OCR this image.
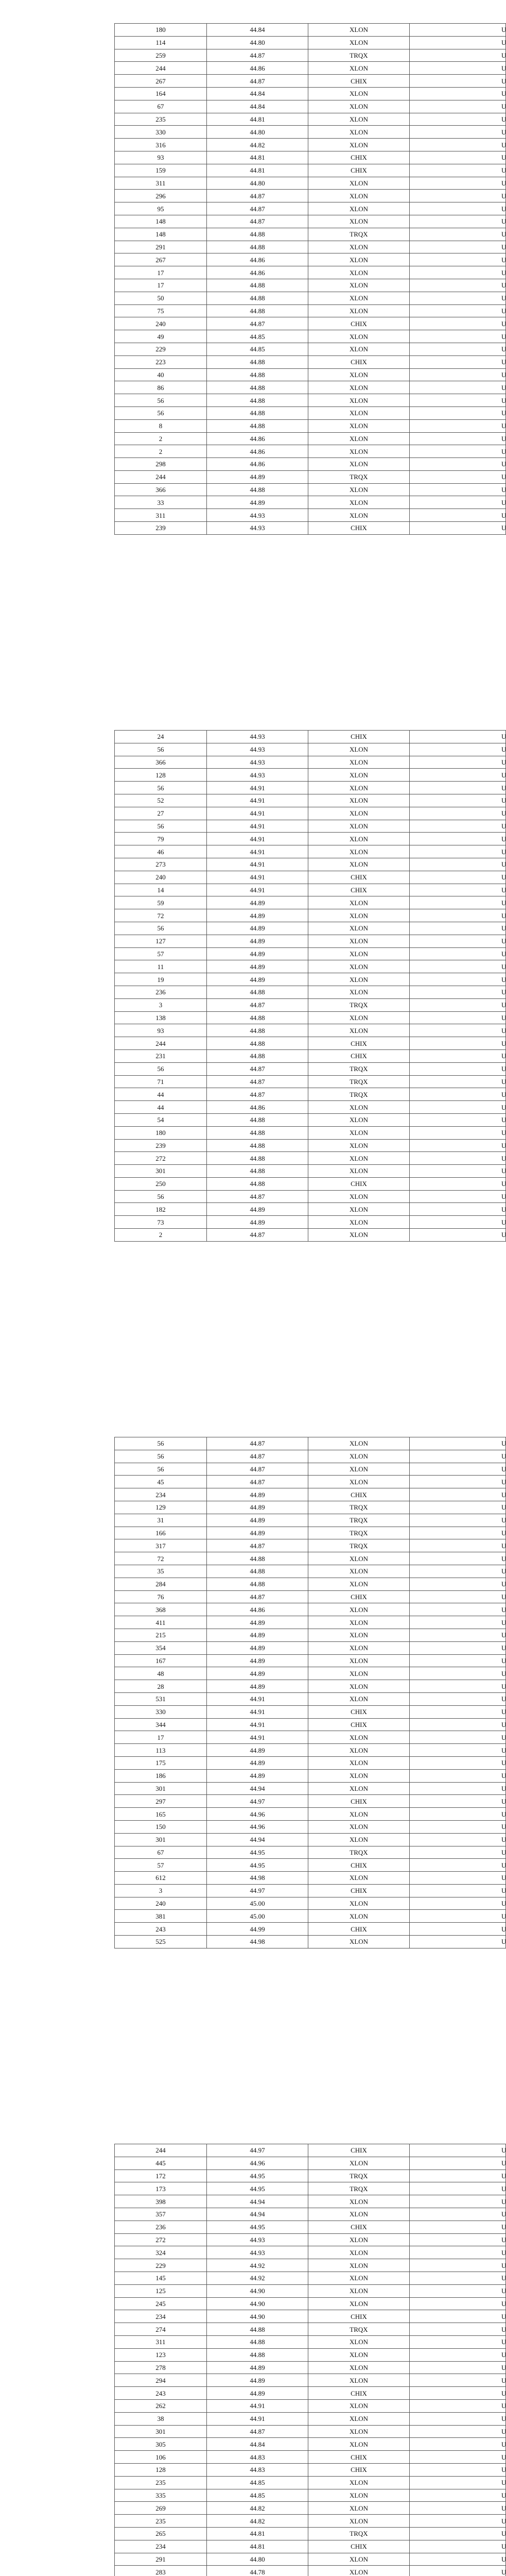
180	44.84	XLON	U
114	44.80	XLON	U
259	44.87	TRQX	U
244	44.86	XLON	U
267	44.87	CHIX	U
164	44.84	XLON	U
67	44.84	XLON	U
235	44.81	XLON	U
330	44.80	XLON	U
316	44.82	XLON	U
93	44.81	CHIX	U
159	44.81	CHIX	U
311	44.80	XLON	U
296	44.87	XLON	U
95	44.87	XLON	U
148	44.87	XLON	U
148	44.88	TRQX	U
291	44.88	XLON	U
267	44.86	XLON	U
17	44.86	XLON	U
17	44.88	XLON	U
50	44.88	XLON	U
75	44.88	XLON	U
240	44.87	CHIX	U
49	44.85	XLON	U
229	44.85	XLON	U
223	44.88	CHIX	U
40	44.88	XLON	U
86	44.88	XLON	U
56	44.88	XLON	U
56	44.88	XLON	U
8	44.88	XLON	U
2	44.86	XLON	U
2	44.86	XLON	U
298	44.86	XLON	U
244	44.89	TRQX	U
366	44.88	XLON	U
33	44.89	XLON	U
311	44.93	XLON	U
239	44.93	CHIX	U
24	44.93	CHIX	U
56	44.93	XLON	U
366	44.93	XLON	U
128	44.93	XLON	U
56	44.91	XLON	U
52	44.91	XLON	U
27	44.91	XLON	U
56	44.91	XLON	U
79	44.91	XLON	U
46	44.91	XLON	U
273	44.91	XLON	U
240	44.91	CHIX	U
14	44.91	CHIX	U
59	44.89	XLON	U
72	44.89	XLON	U
56	44.89	XLON	U
127	44.89	XLON	U
57	44.89	XLON	U
11	44.89	XLON	U
19	44.89	XLON	U
236	44.88	XLON	U
3	44.87	TRQX	U
138	44.88	XLON	U
93	44.88	XLON	U
244	44.88	CHIX	U
231	44.88	CHIX	U
56	44.87	TRQX	U
71	44.87	TRQX	U
44	44.87	TRQX	U
44	44.86	XLON	U
54	44.88	XLON	U
180	44.88	XLON	U
239	44.88	XLON	U
272	44.88	XLON	U
301	44.88	XLON	U
250	44.88	CHIX	U
56	44.87	XLON	U
182	44.89	XLON	U
73	44.89	XLON	U
2	44.87	XLON	U
56	44.87	XLON	U
56	44.87	XLON	U
56	44.87	XLON	U
45	44.87	XLON	U
234	44.89	CHIX	U
129	44.89	TRQX	U
31	44.89	TRQX	U
166	44.89	TRQX	U
317	44.87	TRQX	U
72	44.88	XLON	U
35	44.88	XLON	U
284	44.88	XLON	U
76	44.87	CHIX	U
368	44.86	XLON	U
411	44.89	XLON	U
215	44.89	XLON	U
354	44.89	XLON	U
167	44.89	XLON	U
48	44.89	XLON	U
28	44.89	XLON	U
531	44.91	XLON	U
330	44.91	CHIX	U
344	44.91	CHIX	U
17	44.91	XLON	U
113	44.89	XLON	U
175	44.89	XLON	U
186	44.89	XLON	U
301	44.94	XLON	U
297	44.97	CHIX	U
165	44.96	XLON	U
150	44.96	XLON	U
301	44.94	XLON	U
67	44.95	TRQX	U
57	44.95	CHIX	U
612	44.98	XLON	U
3	44.97	CHIX	U
240	45.00	XLON	U
381	45.00	XLON	U
243	44.99	CHIX	U
525	44.98	XLON	U
244	44.97	CHIX	U
445	44.96	XLON	U
172	44.95	TRQX	U
173	44.95	TRQX	U
398	44.94	XLON	U
357	44.94	XLON	U
236	44.95	CHIX	U
272	44.93	XLON	U
324	44.93	XLON	U
229	44.92	XLON	U
145	44.92	XLON	U
125	44.90	XLON	U
245	44.90	XLON	U
234	44.90	CHIX	U
274	44.88	TRQX	U
311	44.88	XLON	U
123	44.88	XLON	U
278	44.89	XLON	U
294	44.89	XLON	U
243	44.89	CHIX	U
262	44.91	XLON	U
38	44.91	XLON	U
301	44.87	XLON	U
305	44.84	XLON	U
106	44.83	CHIX	U
128	44.83	CHIX	U
235	44.85	XLON	U
335	44.85	XLON	U
269	44.82	XLON	U
235	44.82	XLON	U
265	44.81	TRQX	U
234	44.81	CHIX	U
291	44.80	XLON	U
283	44.78	XLON	U
